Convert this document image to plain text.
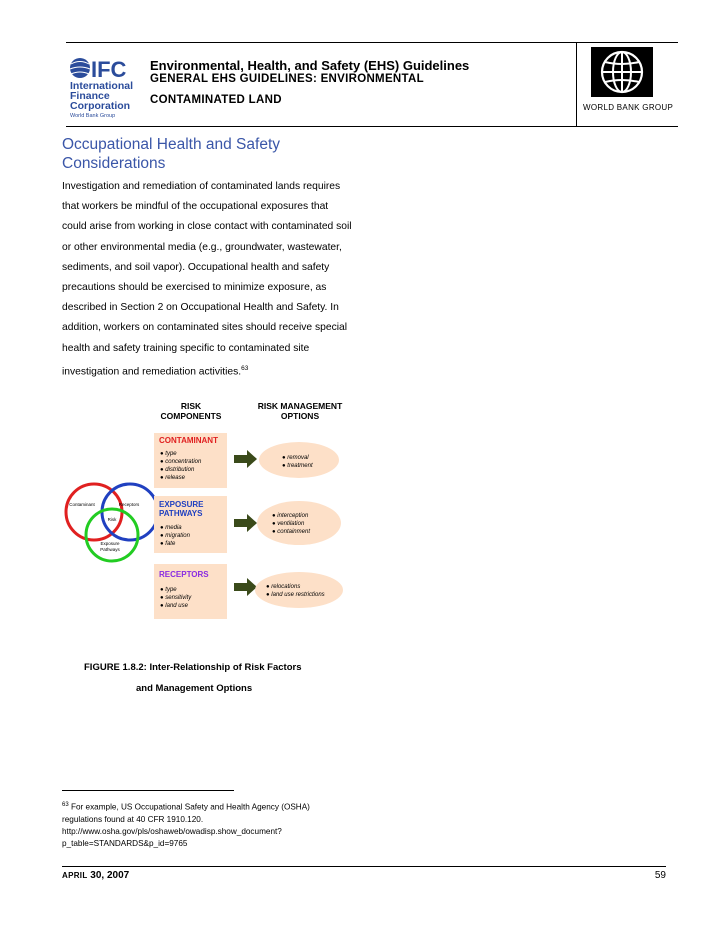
IFC
International
Finance
Corporation
World Bank Group
Environmental, Health, and Safety (EHS) Guidelines
GENERAL EHS GUIDELINES: ENVIRONMENTAL
CONTAMINATED LAND
WORLD BANK GROUP
Occupational Health and Safety Considerations
Investigation and remediation of contaminated lands requires that workers be mindful of the occupational exposures that could arise from working in close contact with contaminated soil or other environmental media (e.g., groundwater, wastewater, sediments, and soil vapor). Occupational health and safety precautions should be exercised to minimize exposure, as described in Section 2 on Occupational Health and Safety. In addition, workers on contaminated sites should receive special health and safety training specific to contaminated site investigation and remediation activities.$^{63}$
RISK
COMPONENTS
RISK MANAGEMENT
OPTIONS
Contaminant	Receptors
Risk
Exposure
Pathways
CONTAMINANT
● type
● concentration
● distribution
● release
EXPOSURE
PATHWAYS
● media
● migration
● fate
RECEPTORS
● type
● sensitivity
● land use
● removal
● treatment
● interception
● ventilation
● containment
● relocations
● land use restrictions
FIGURE 1.8.2: Inter-Relationship of Risk Factors
and Management Options
$^{63}$ For example, US Occupational Safety and Health Agency (OSHA) regulations found at 40 CFR 1910.120. http://www.osha.gov/pls/oshaweb/owadisp.show_document?p_table=STANDARDS&p_id=9765
APRIL 30, 2007	59
